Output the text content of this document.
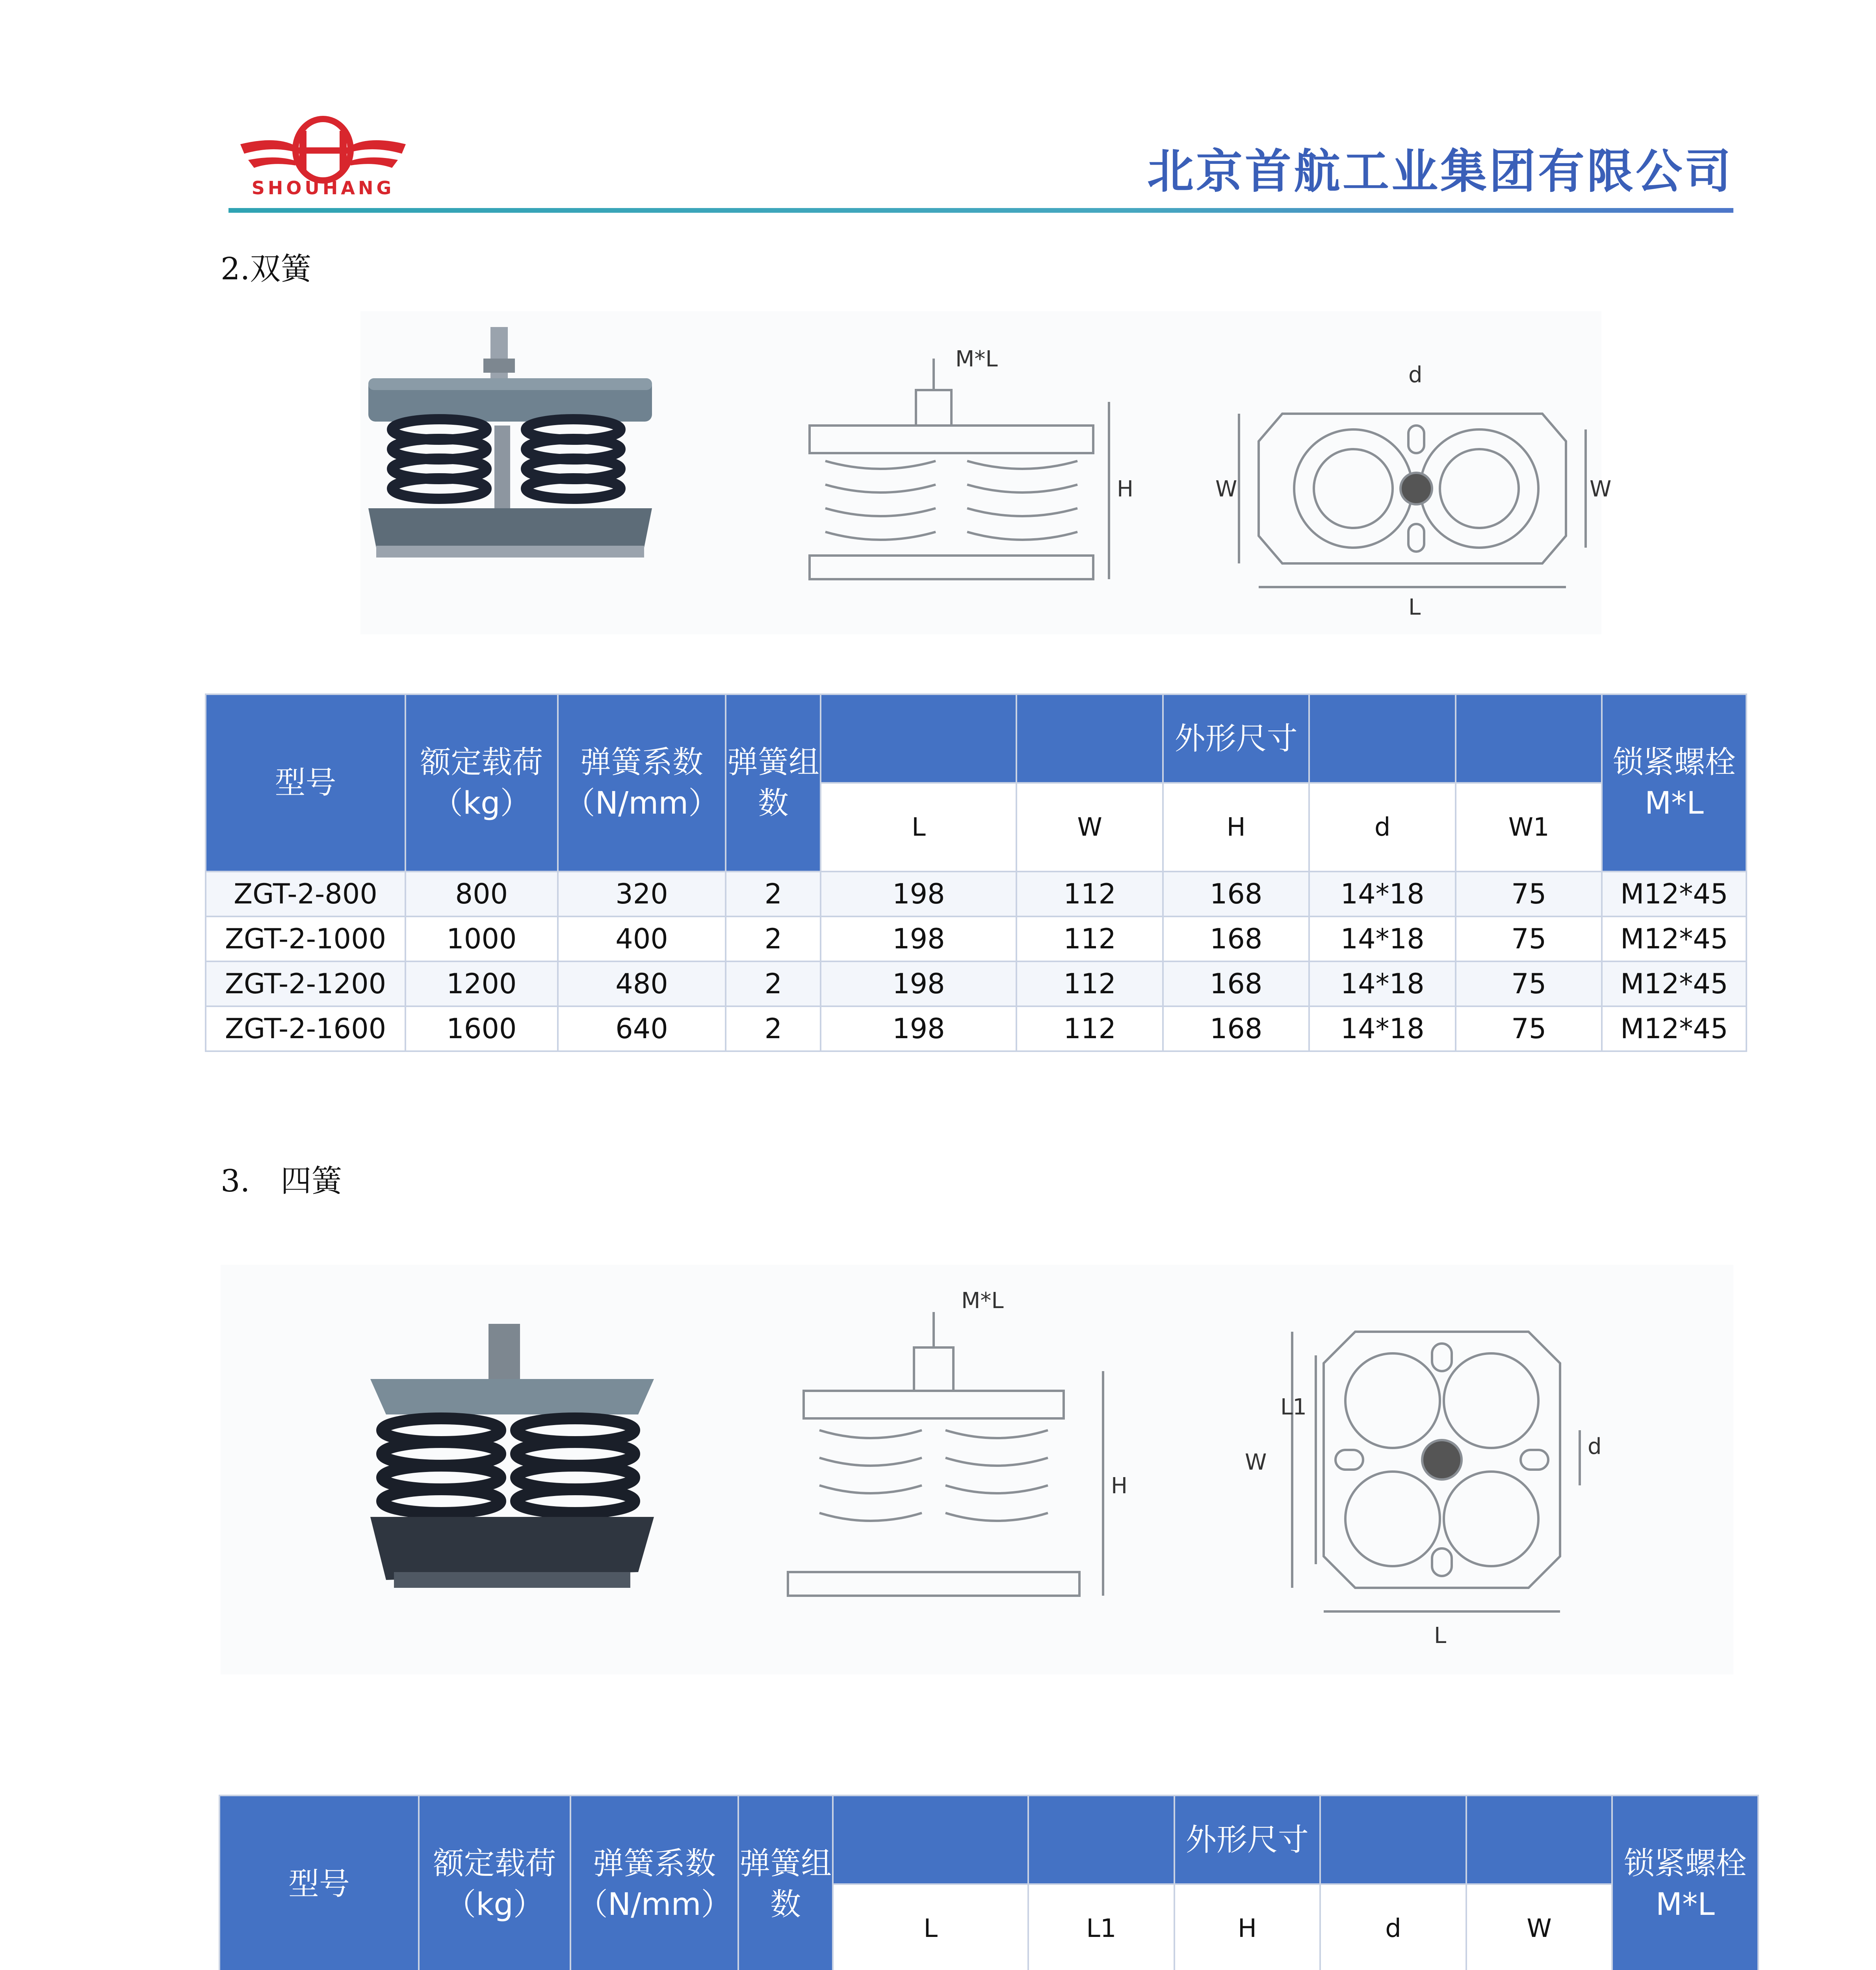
SHOUHANG	北京首航工业集团有限公司
2.双簧
M*L
H
d
W	W
L
型号	额定载荷（kg）	弹簧系数（N/mm）	弹簧组数			外形尺寸			锁紧螺栓 M*L
				L	W	H	d	W1	
ZGT-2-800	800	320	2	198	112	168	14*18	75	M12*45
ZGT-2-1000	1000	400	2	198	112	168	14*18	75	M12*45
ZGT-2-1200	1200	480	2	198	112	168	14*18	75	M12*45
ZGT-2-1600	1600	640	2	198	112	168	14*18	75	M12*45
3.　四簧
M*L
H
W
L1
d
L
型号	额定载荷（kg）	弹簧系数（N/mm）	弹簧组数			外形尺寸			锁紧螺栓 M*L
				L	L1	H	d	W	
